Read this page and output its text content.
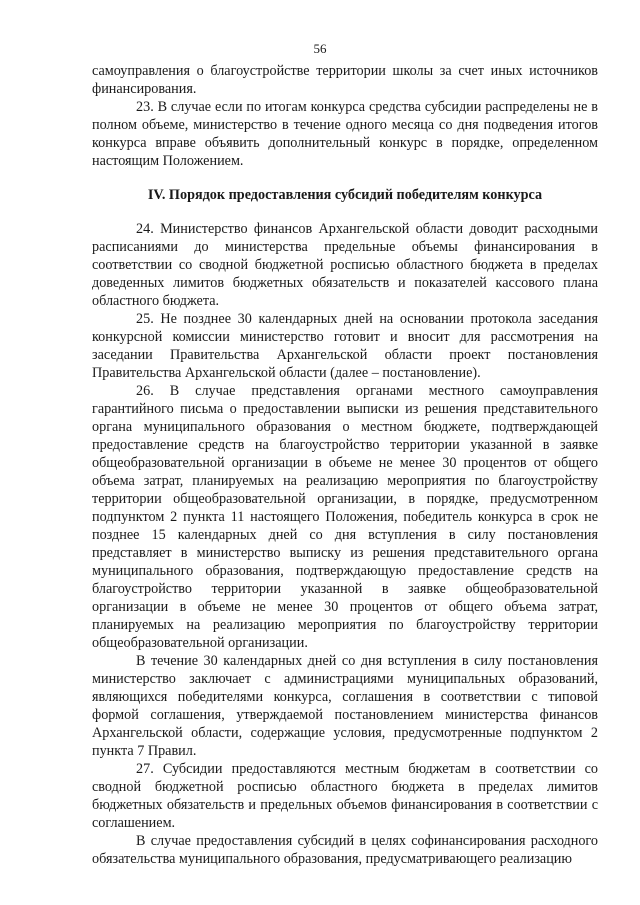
56

самоуправления о благоустройстве территории школы за счет иных источников финансирования.

23. В случае если по итогам конкурса средства субсидии распределены не в полном объеме, министерство в течение одного месяца со дня подведения итогов конкурса вправе объявить дополнительный конкурс в порядке, определенном настоящим Положением.

IV. Порядок предоставления субсидий победителям конкурса

24. Министерство финансов Архангельской области доводит расходными расписаниями до министерства предельные объемы финансирования в соответствии со сводной бюджетной росписью областного бюджета в пределах доведенных лимитов бюджетных обязательств и показателей кассового плана областного бюджета.

25. Не позднее 30 календарных дней на основании протокола заседания конкурсной комиссии министерство готовит и вносит для рассмотрения на заседании Правительства Архангельской области проект постановления Правительства Архангельской области (далее – постановление).

26. В случае представления органами местного самоуправления гарантийного письма о предоставлении выписки из решения представительного органа муниципального образования о местном бюджете, подтверждающей предоставление средств на благоустройство территории указанной в заявке общеобразовательной организации в объеме не менее 30 процентов от общего объема затрат, планируемых на реализацию мероприятия по благоустройству территории общеобразовательной организации, в порядке, предусмотренном подпунктом 2 пункта 11 настоящего Положения, победитель конкурса в срок не позднее 15 календарных дней со дня вступления в силу постановления представляет в министерство выписку из решения представительного органа муниципального образования, подтверждающую предоставление средств на благоустройство территории указанной в заявке общеобразовательной организации в объеме не менее 30 процентов от общего объема затрат, планируемых на реализацию мероприятия по благоустройству территории общеобразовательной организации.

В течение 30 календарных дней со дня вступления в силу постановления министерство заключает с администрациями муниципальных образований, являющихся победителями конкурса, соглашения в соответствии с типовой формой соглашения, утверждаемой постановлением министерства финансов Архангельской области, содержащие условия, предусмотренные подпунктом 2 пункта 7 Правил.

27. Субсидии предоставляются местным бюджетам в соответствии со сводной бюджетной росписью областного бюджета в пределах лимитов бюджетных обязательств и предельных объемов финансирования в соответствии с соглашением.

В случае предоставления субсидий в целях софинансирования расходного обязательства муниципального образования, предусматривающего реализацию
